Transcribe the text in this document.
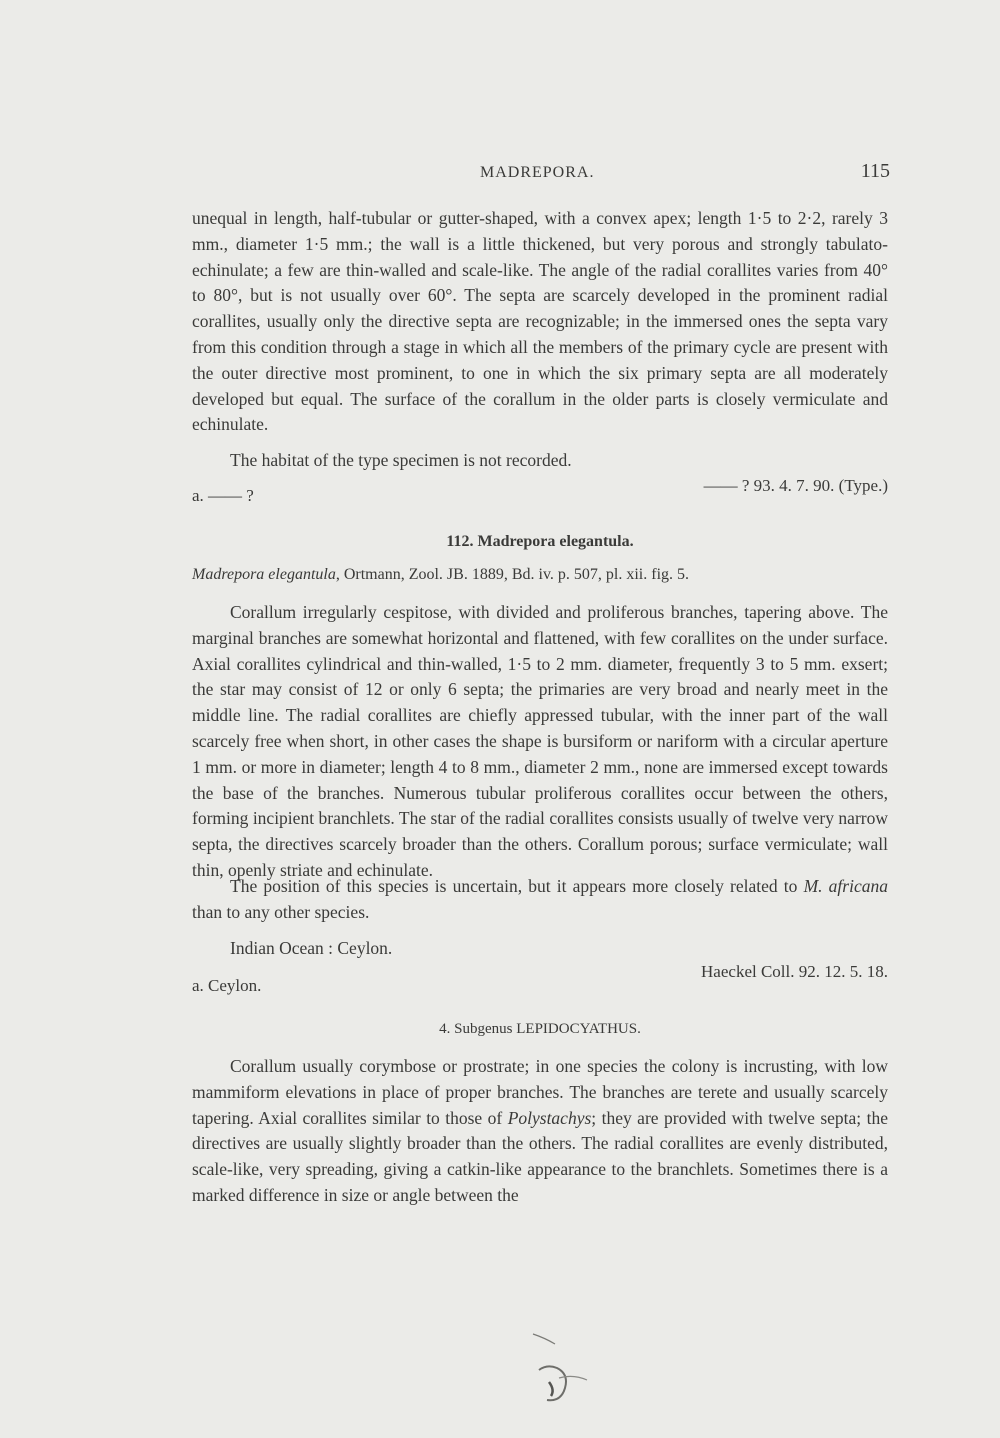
MADREPORA.	115

unequal in length, half-tubular or gutter-shaped, with a convex apex; length 1·5 to 2·2, rarely 3 mm., diameter 1·5 mm.; the wall is a little thickened, but very porous and strongly tabulato-echinulate; a few are thin-walled and scale-like. The angle of the radial corallites varies from 40° to 80°, but is not usually over 60°. The septa are scarcely developed in the prominent radial corallites, usually only the directive septa are recognizable; in the immersed ones the septa vary from this condition through a stage in which all the members of the primary cycle are present with the outer directive most prominent, to one in which the six primary septa are all moderately developed but equal. The surface of the corallum in the older parts is closely vermiculate and echinulate.

The habitat of the type specimen is not recorded.

a. —— ?
—— ? 93. 4. 7. 90. (Type.)
112. Madrepora elegantula.
Madrepora elegantula, Ortmann, Zool. JB. 1889, Bd. iv. p. 507, pl. xii. fig. 5.

Corallum irregularly cespitose, with divided and proliferous branches, tapering above. The marginal branches are somewhat horizontal and flattened, with few corallites on the under surface. Axial corallites cylindrical and thin-walled, 1·5 to 2 mm. diameter, frequently 3 to 5 mm. exsert; the star may consist of 12 or only 6 septa; the primaries are very broad and nearly meet in the middle line. The radial corallites are chiefly appressed tubular, with the inner part of the wall scarcely free when short, in other cases the shape is bursiform or nariform with a circular aperture 1 mm. or more in diameter; length 4 to 8 mm., diameter 2 mm., none are immersed except towards the base of the branches. Numerous tubular proliferous corallites occur between the others, forming incipient branchlets. The star of the radial corallites consists usually of twelve very narrow septa, the directives scarcely broader than the others. Corallum porous; surface vermiculate; wall thin, openly striate and echinulate.

The position of this species is uncertain, but it appears more closely related to M. africana than to any other species.

Indian Ocean : Ceylon.

a. Ceylon.
Haeckel Coll. 92. 12. 5. 18.
4. Subgenus LEPIDOCYATHUS.

Corallum usually corymbose or prostrate; in one species the colony is incrusting, with low mammiform elevations in place of proper branches. The branches are terete and usually scarcely tapering. Axial corallites similar to those of Polystachys; they are provided with twelve septa; the directives are usually slightly broader than the others. The radial corallites are evenly distributed, scale-like, very spreading, giving a catkin-like appearance to the branchlets. Sometimes there is a marked difference in size or angle between the
